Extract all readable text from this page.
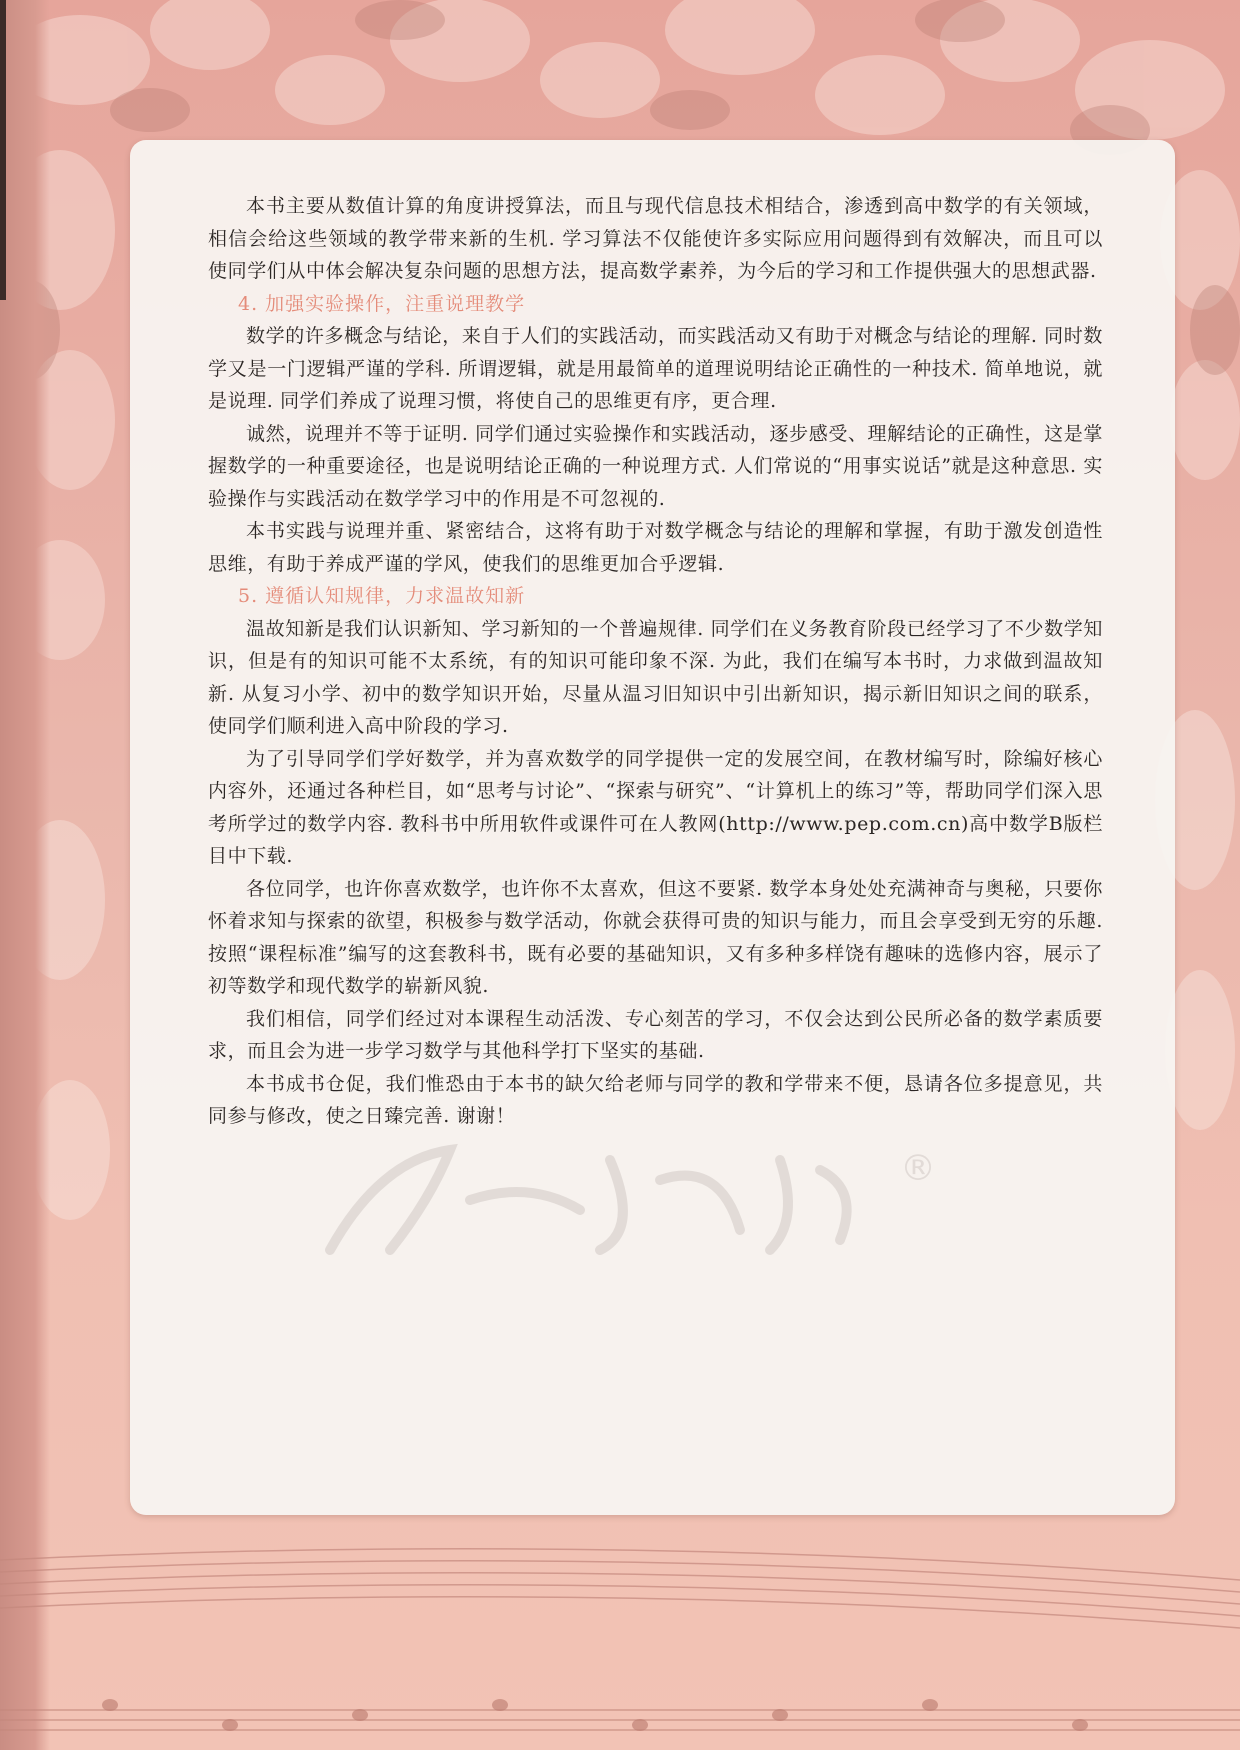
®

本书主要从数值计算的角度讲授算法，而且与现代信息技术相结合，渗透到高中数学的有关领域，相信会给这些领域的教学带来新的生机. 学习算法不仅能使许多实际应用问题得到有效解决，而且可以使同学们从中体会解决复杂问题的思想方法，提高数学素养，为今后的学习和工作提供强大的思想武器.

4. 加强实验操作，注重说理教学

数学的许多概念与结论，来自于人们的实践活动，而实践活动又有助于对概念与结论的理解. 同时数学又是一门逻辑严谨的学科. 所谓逻辑，就是用最简单的道理说明结论正确性的一种技术. 简单地说，就是说理. 同学们养成了说理习惯，将使自己的思维更有序，更合理.

诚然，说理并不等于证明. 同学们通过实验操作和实践活动，逐步感受、理解结论的正确性，这是掌握数学的一种重要途径，也是说明结论正确的一种说理方式. 人们常说的“用事实说话”就是这种意思. 实验操作与实践活动在数学学习中的作用是不可忽视的.

本书实践与说理并重、紧密结合，这将有助于对数学概念与结论的理解和掌握，有助于激发创造性思维，有助于养成严谨的学风，使我们的思维更加合乎逻辑.

5. 遵循认知规律，力求温故知新

温故知新是我们认识新知、学习新知的一个普遍规律. 同学们在义务教育阶段已经学习了不少数学知识，但是有的知识可能不太系统，有的知识可能印象不深. 为此，我们在编写本书时，力求做到温故知新. 从复习小学、初中的数学知识开始，尽量从温习旧知识中引出新知识，揭示新旧知识之间的联系，使同学们顺利进入高中阶段的学习.

为了引导同学们学好数学，并为喜欢数学的同学提供一定的发展空间，在教材编写时，除编好核心内容外，还通过各种栏目，如“思考与讨论”、“探索与研究”、“计算机上的练习”等，帮助同学们深入思考所学过的数学内容. 教科书中所用软件或课件可在人教网(http://www.pep.com.cn)高中数学B版栏目中下载.

各位同学，也许你喜欢数学，也许你不太喜欢，但这不要紧. 数学本身处处充满神奇与奥秘，只要你怀着求知与探索的欲望，积极参与数学活动，你就会获得可贵的知识与能力，而且会享受到无穷的乐趣. 按照“课程标准”编写的这套教科书，既有必要的基础知识，又有多种多样饶有趣味的选修内容，展示了初等数学和现代数学的崭新风貌.

我们相信，同学们经过对本课程生动活泼、专心刻苦的学习，不仅会达到公民所必备的数学素质要求，而且会为进一步学习数学与其他科学打下坚实的基础.

本书成书仓促，我们惟恐由于本书的缺欠给老师与同学的教和学带来不便，恳请各位多提意见，共同参与修改，使之日臻完善. 谢谢！
